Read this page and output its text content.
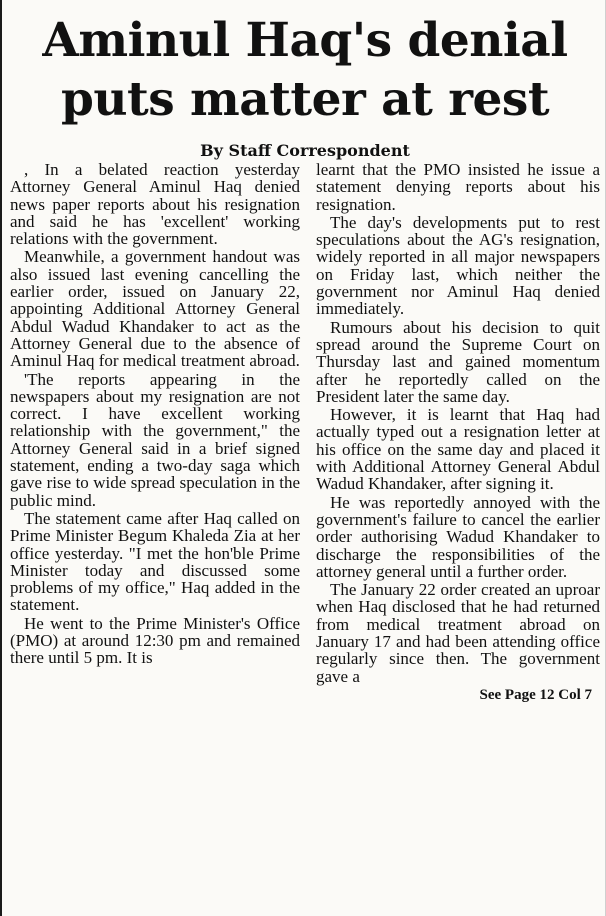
Aminul Haq's denial
puts matter at rest
By Staff Correspondent

, In a belated reaction yesterday Attorney General Aminul Haq denied news paper reports about his resignation and said he has 'excellent' working relations with the government.

Meanwhile, a government handout was also issued last evening cancelling the earlier order, issued on January 22, appointing Additional Attorney General Abdul Wadud Khandaker to act as the Attorney General due to the absence of Aminul Haq for medical treatment abroad.

'The reports appearing in the newspapers about my resignation are not correct. I have excellent working relationship with the government," the Attorney General said in a brief signed statement, ending a two-day saga which gave rise to wide spread speculation in the public mind.

The statement came after Haq called on Prime Minister Begum Khaleda Zia at her office yesterday. "I met the hon'ble Prime Minister today and discussed some problems of my office," Haq added in the statement.

He went to the Prime Minister's Office (PMO) at around 12:30 pm and remained there until 5 pm. It is

learnt that the PMO insisted he issue a statement denying reports about his resignation.

The day's developments put to rest speculations about the AG's resignation, widely reported in all major newspapers on Friday last, which neither the government nor Aminul Haq denied immediately.

Rumours about his decision to quit spread around the Supreme Court on Thursday last and gained momentum after he reportedly called on the President later the same day.

However, it is learnt that Haq had actually typed out a resignation letter at his office on the same day and placed it with Additional Attorney General Abdul Wadud Khandaker, after signing it.

He was reportedly annoyed with the government's failure to cancel the earlier order authorising Wadud Khandaker to discharge the responsibilities of the attorney general until a further order.

The January 22 order created an uproar when Haq disclosed that he had returned from medical treatment abroad on January 17 and had been attending office regularly since then. The government gave a

See Page 12 Col 7
